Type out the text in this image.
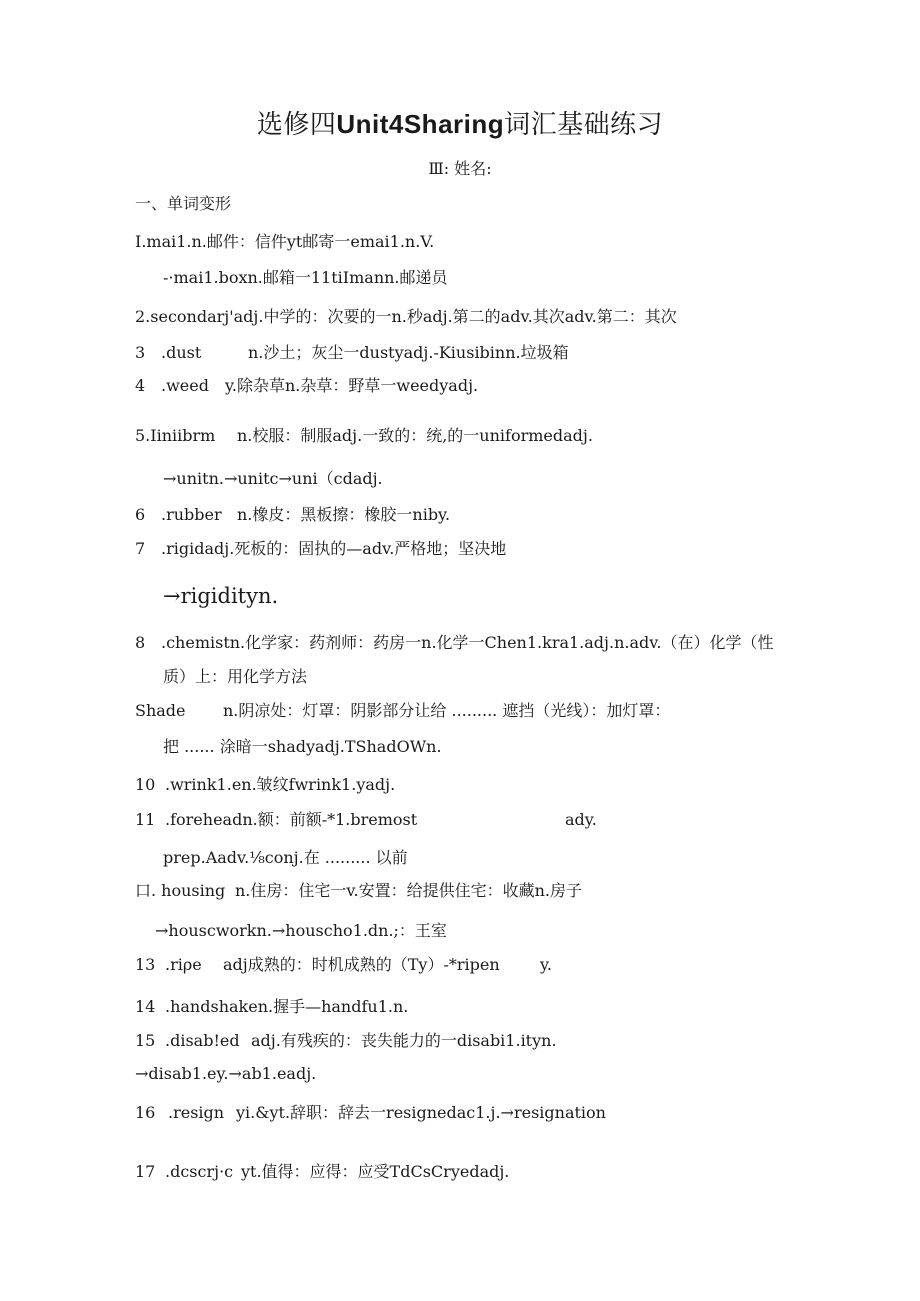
选修四Unit4Sharing词汇基础练习
Ⅲ: 姓名:
一、单词变形
I.mai1.n.邮件：信件yt邮寄一emai1.n.V.
-·mai1.boxn.邮箱一11tiImann.邮递员
2.secondarj'adj.中学的：次要的一n.秒adj.第二的adv.其次adv.第二：其次
3 .dust	n.沙土；灰尘一dustyadj.-Kiusibinn.垃圾箱
4 .weed y.除杂草n.杂草：野草一weedyadj.
5.Iiniibrm n.校服：制服adj.一致的：统,的一uniformedadj.
→unitn.→unitc→uni（cdadj.
6 .rubber n.橡皮：黑板擦：橡胶一niby.
7 .rigidadj.死板的：固执的—adv.严格地；坚决地
→rigidityn.
8 .chemistn.化学家：药剂师：药房一n.化学一Chen1.kra1.adj.n.adv.（在）化学（性
质）上：用化学方法
Shade n.阴凉处：灯罩：阴影部分让给 ......... 遮挡（光线）：加灯罩：
把 ...... 涂暗一shadyadj.TShadOWn.
10 .wrink1.en.皱纹fwrink1.yadj.
11 .foreheadn.额：前额-*1.bremost	ady.
prep.Aadv.⅛conj.在 ......... 以前
口. housing n.住房：住宅一v.安置：给提供住宅：收藏n.房子
→houscworkn.→houscho1.dn.;：王室
13 .riρe adj成熟的：时机成熟的（Ty）-*ripen	y.
14 .handshaken.握手—handfu1.n.
15 .disab!ed adj.有残疾的：丧失能力的一disabi1.ityn.
→disab1.ey.→ab1.eadj.
16 .resign yi.&yt.辞职：辞去一resignedac1.j.→resignation
17 .dcscrj·c yt.值得：应得：应受TdCsCryedadj.
